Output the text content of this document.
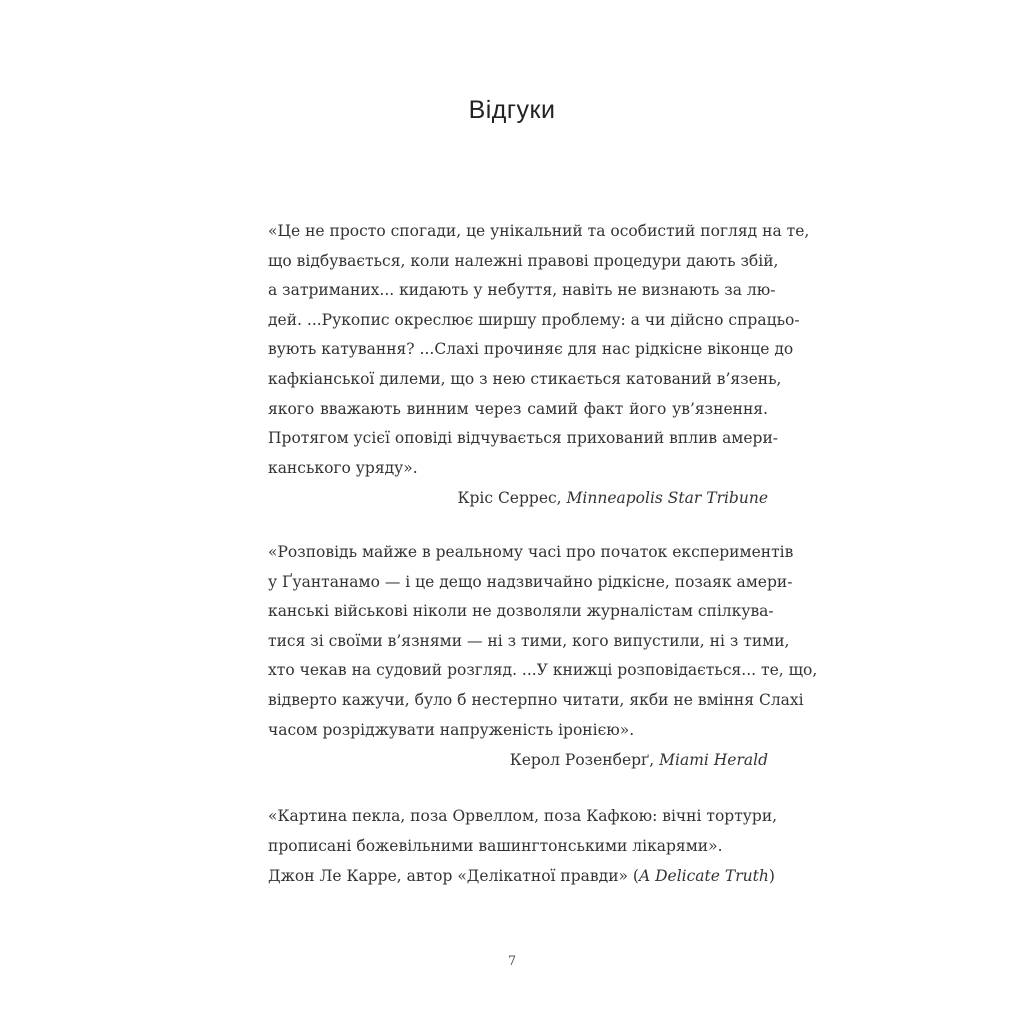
Відгуки
«Це не просто спогади, це унікальний та особистий погляд на те,
що відбувається, коли належні правові процедури дають збій,
а затриманих... кидають у небуття, навіть не визнають за лю-
дей. ...Рукопис окреслює ширшу проблему: а чи дійсно спрацьо-
вують катування? ...Слахі прочиняє для нас рідкісне віконце до
кафкіанської дилеми, що з нею стикається катований в’язень,
якого вважають винним через самий факт його ув’язнення.
Протягом усієї оповіді відчувається прихований вплив амери-
канського уряду».
Кріс Серрес, Minneapolis Star Tribune
«Розповідь майже в реальному часі про початок експериментів
у Ґуантанамо — і це дещо надзвичайно рідкісне, позаяк амери-
канські військові ніколи не дозволяли журналістам спілкува-
тися зі своїми в’язнями — ні з тими, кого випустили, ні з тими,
хто чекав на судовий розгляд. ...У книжці розповідається... те, що,
відверто кажучи, було б нестерпно читати, якби не вміння Слахі
часом розріджувати напруженість іронією».
Керол Розенберґ, Miami Herald
«Картина пекла, поза Орвеллом, поза Кафкою: вічні тортури,
прописані божевільними вашингтонськими лікарями».
Джон Ле Карре, автор «Делікатної правди» (A Delicate Truth)
7
